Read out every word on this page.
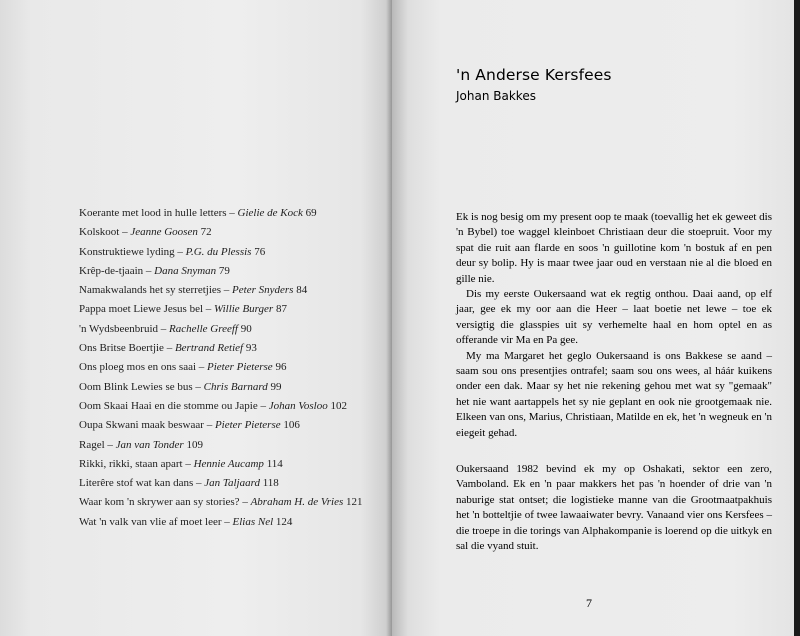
Koerante met lood in hulle letters – Gielie de Kock 69
Kolskoot – Jeanne Goosen 72
Konstruktiewe lyding – P.G. du Plessis 76
Krêp-de-tjaain – Dana Snyman 79
Namakwalands het sy sterretjies – Peter Snyders 84
Pappa moet Liewe Jesus bel – Willie Burger 87
'n Wydsbeenbruid – Rachelle Greeff 90
Ons Britse Boertjie – Bertrand Retief 93
Ons ploeg mos en ons saai – Pieter Pieterse 96
Oom Blink Lewies se bus – Chris Barnard 99
Oom Skaai Haai en die stomme ou Japie – Johan Vosloo 102
Oupa Skwani maak beswaar – Pieter Pieterse 106
Ragel – Jan van Tonder 109
Rikki, rikki, staan apart – Hennie Aucamp 114
Literêre stof wat kan dans – Jan Taljaard 118
Waar kom 'n skrywer aan sy stories? – Abraham H. de Vries 121
Wat 'n valk van vlie af moet leer – Elias Nel 124
'n Anderse Kersfees
Johan Bakkes

Ek is nog besig om my present oop te maak (toevallig het ek geweet dis 'n Bybel) toe waggel kleinboet Christiaan deur die stoepruit. Voor my spat die ruit aan flarde en soos 'n guillotine kom 'n bostuk af en pen deur sy bolip. Hy is maar twee jaar oud en verstaan nie al die bloed en gille nie.

Dis my eerste Oukersaand wat ek regtig onthou. Daai aand, op elf jaar, gee ek my oor aan die Heer – laat boetie net lewe – toe ek versigtig die glasspies uit sy verhemelte haal en hom optel en as offerande vir Ma en Pa gee.

My ma Margaret het geglo Oukersaand is ons Bakkese se aand – saam sou ons presentjies ontrafel; saam sou ons wees, al háár kuikens onder een dak. Maar sy het nie rekening gehou met wat sy "gemaak" het nie want aartappels het sy nie geplant en ook nie grootgemaak nie. Elkeen van ons, Marius, Christiaan, Matilde en ek, het 'n wegneuk en 'n eiegeit gehad.

Oukersaand 1982 bevind ek my op Oshakati, sektor een zero, Vamboland. Ek en 'n paar makkers het pas 'n hoender of drie van 'n naburige stat ontset; die logistieke manne van die Grootmaatpakhuis het 'n botteltjie of twee lawaaiwater bevry. Vanaand vier ons Kersfees – die troepe in die torings van Alphakompanie is loerend op die uitkyk en sal die vyand stuit.

7
